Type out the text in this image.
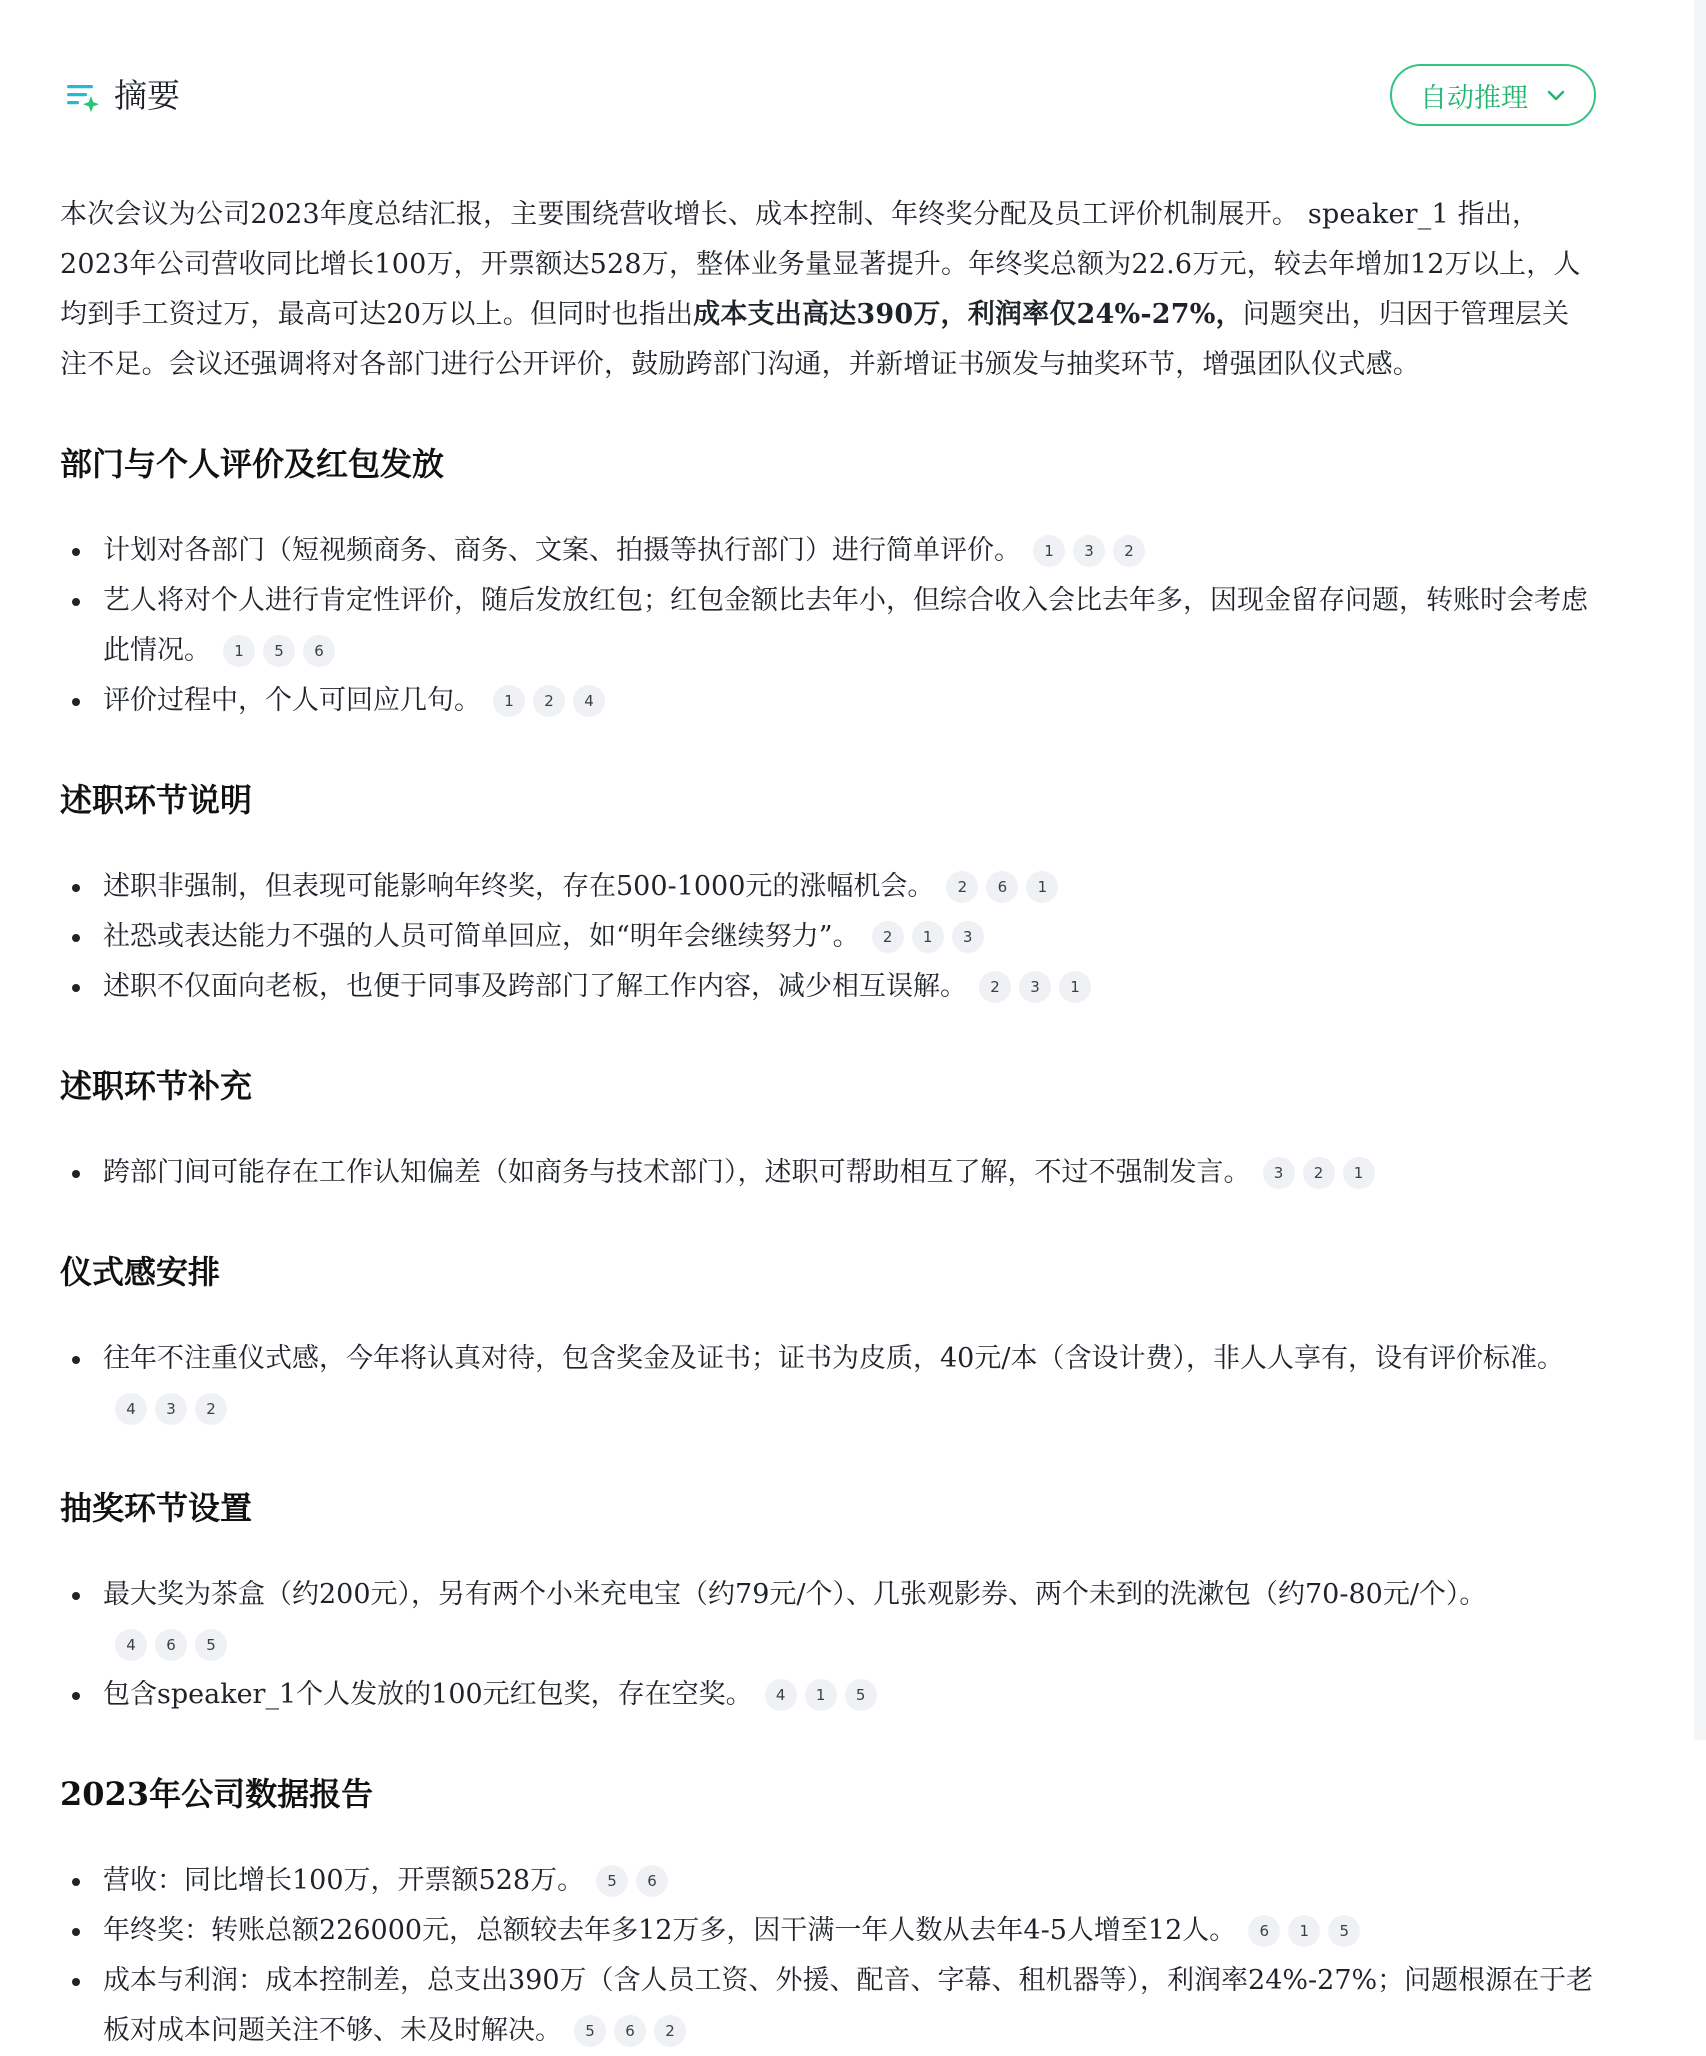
摘要	自动推理

本次会议为公司2023年度总结汇报，主要围绕营收增长、成本控制、年终奖分配及员工评价机制展开。 speaker_1 指出，2023年公司营收同比增长100万，开票额达528万，整体业务量显著提升。年终奖总额为22.6万元，较去年增加12万以上，人均到手工资过万，最高可达20万以上。但同时也指出成本支出高达390万，利润率仅24%-27%，问题突出，归因于管理层关注不足。会议还强调将对各部门进行公开评价，鼓励跨部门沟通，并新增证书颁发与抽奖环节，增强团队仪式感。

部门与个人评价及红包发放
计划对各部门（短视频商务、商务、文案、拍摄等执行部门）进行简单评价。 1 3 2
艺人将对个人进行肯定性评价，随后发放红包；红包金额比去年小，但综合收入会比去年多，因现金留存问题，转账时会考虑此情况。 1 5 6
评价过程中，个人可回应几句。 1 2 4
述职环节说明
述职非强制，但表现可能影响年终奖，存在500-1000元的涨幅机会。 2 6 1
社恐或表达能力不强的人员可简单回应，如“明年会继续努力”。 2 1 3
述职不仅面向老板，也便于同事及跨部门了解工作内容，减少相互误解。 2 3 1
述职环节补充
跨部门间可能存在工作认知偏差（如商务与技术部门），述职可帮助相互了解，不过不强制发言。 3 2 1
仪式感安排
往年不注重仪式感，今年将认真对待，包含奖金及证书；证书为皮质，40元/本（含设计费），非人人享有，设有评价标准。4 3 2
抽奖环节设置
最大奖为茶盒（约200元），另有两个小米充电宝（约79元/个）、几张观影券、两个未到的洗漱包（约70-80元/个）。4 6 5
包含speaker_1个人发放的100元红包奖，存在空奖。 4 1 5
2023年公司数据报告
营收：同比增长100万，开票额528万。 5 6
年终奖：转账总额226000元，总额较去年多12万多，因干满一年人数从去年4-5人增至12人。 6 1 5
成本与利润：成本控制差，总支出390万（含人员工资、外援、配音、字幕、租机器等），利润率24%-27%；问题根源在于老板对成本问题关注不够、未及时解决。 5 6 2
